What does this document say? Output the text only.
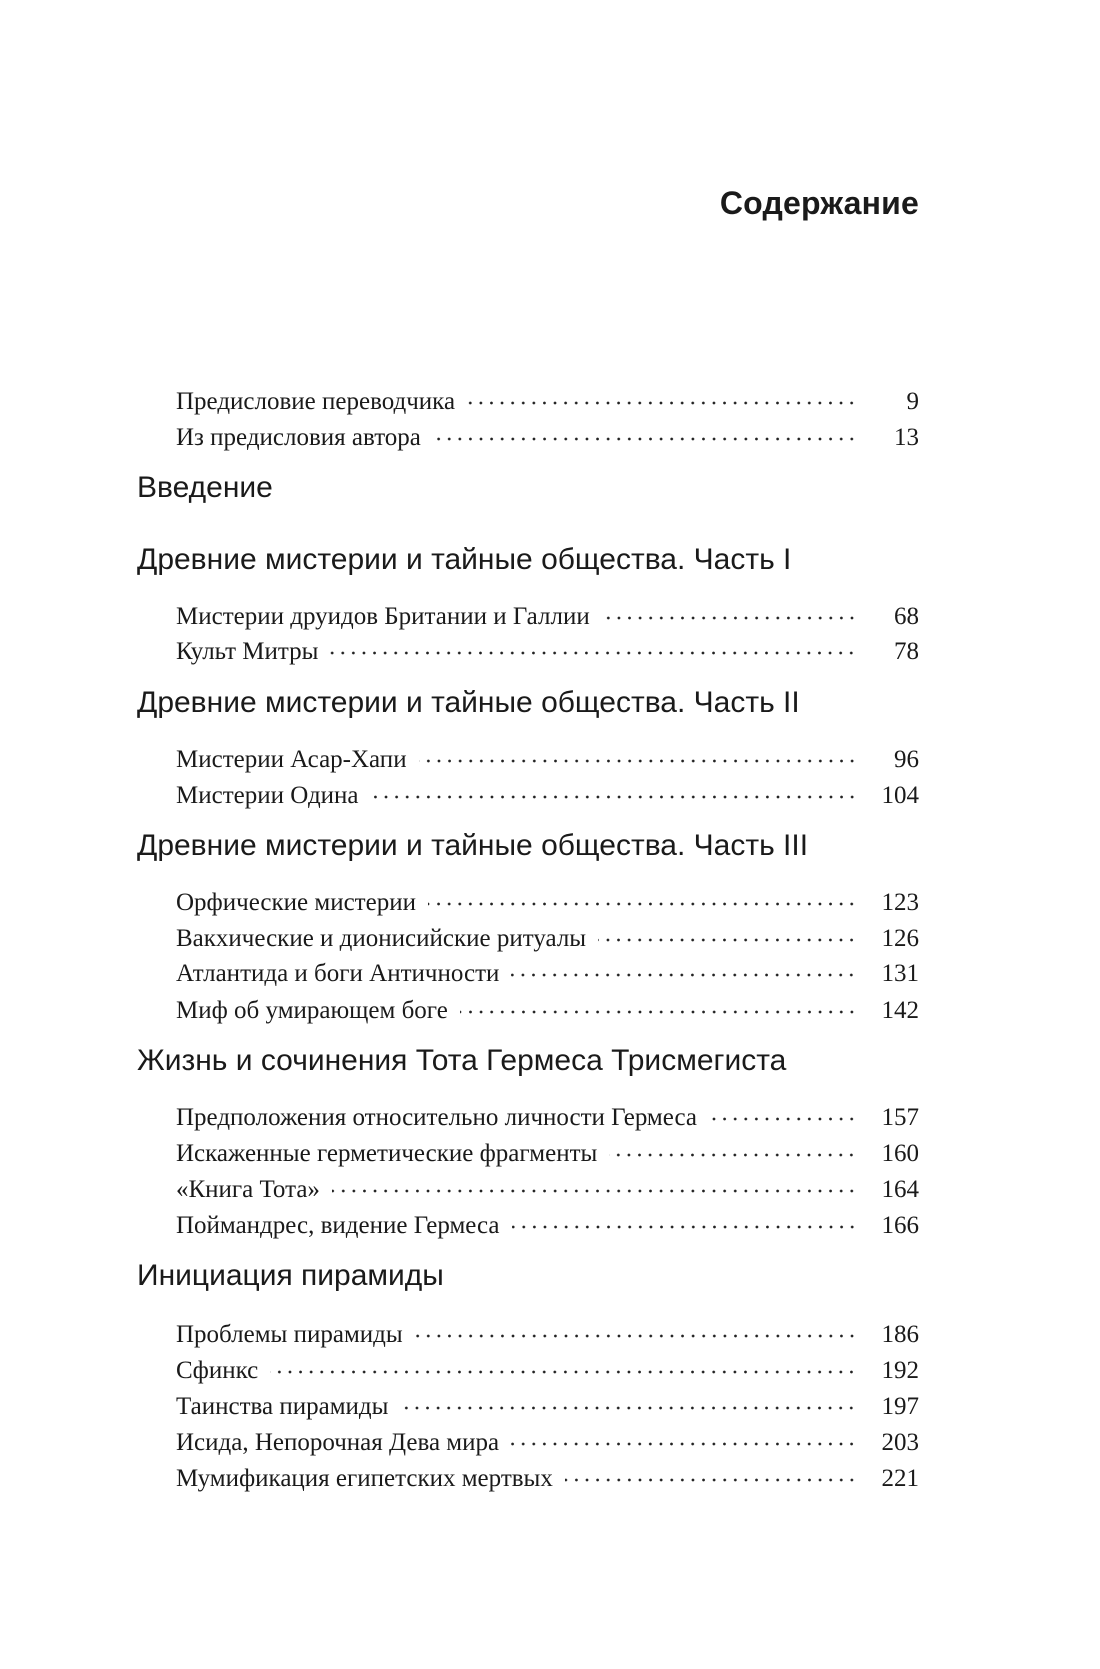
Содержание
Предисловие переводчика	9
Из предисловия автора	13
Введение
Древние мистерии и тайные общества. Часть I
Мистерии друидов Британии и Галлии	68
Культ Митры	78
Древние мистерии и тайные общества. Часть II
Мистерии Асар-Хапи	96
Мистерии Одина	104
Древние мистерии и тайные общества. Часть III
Орфические мистерии	123
Вакхические и дионисийские ритуалы	126
Атлантида и боги Античности	131
Миф об умирающем боге	142
Жизнь и сочинения Тота Гермеса Трисмегиста
Предположения относительно личности Гермеса	157
Искаженные герметические фрагменты	160
«Книга Тота»	164
Поймандрес, видение Гермеса	166
Инициация пирамиды
Проблемы пирамиды	186
Сфинкс	192
Таинства пирамиды	197
Исида, Непорочная Дева мира	203
Мумификация египетских мертвых	221
